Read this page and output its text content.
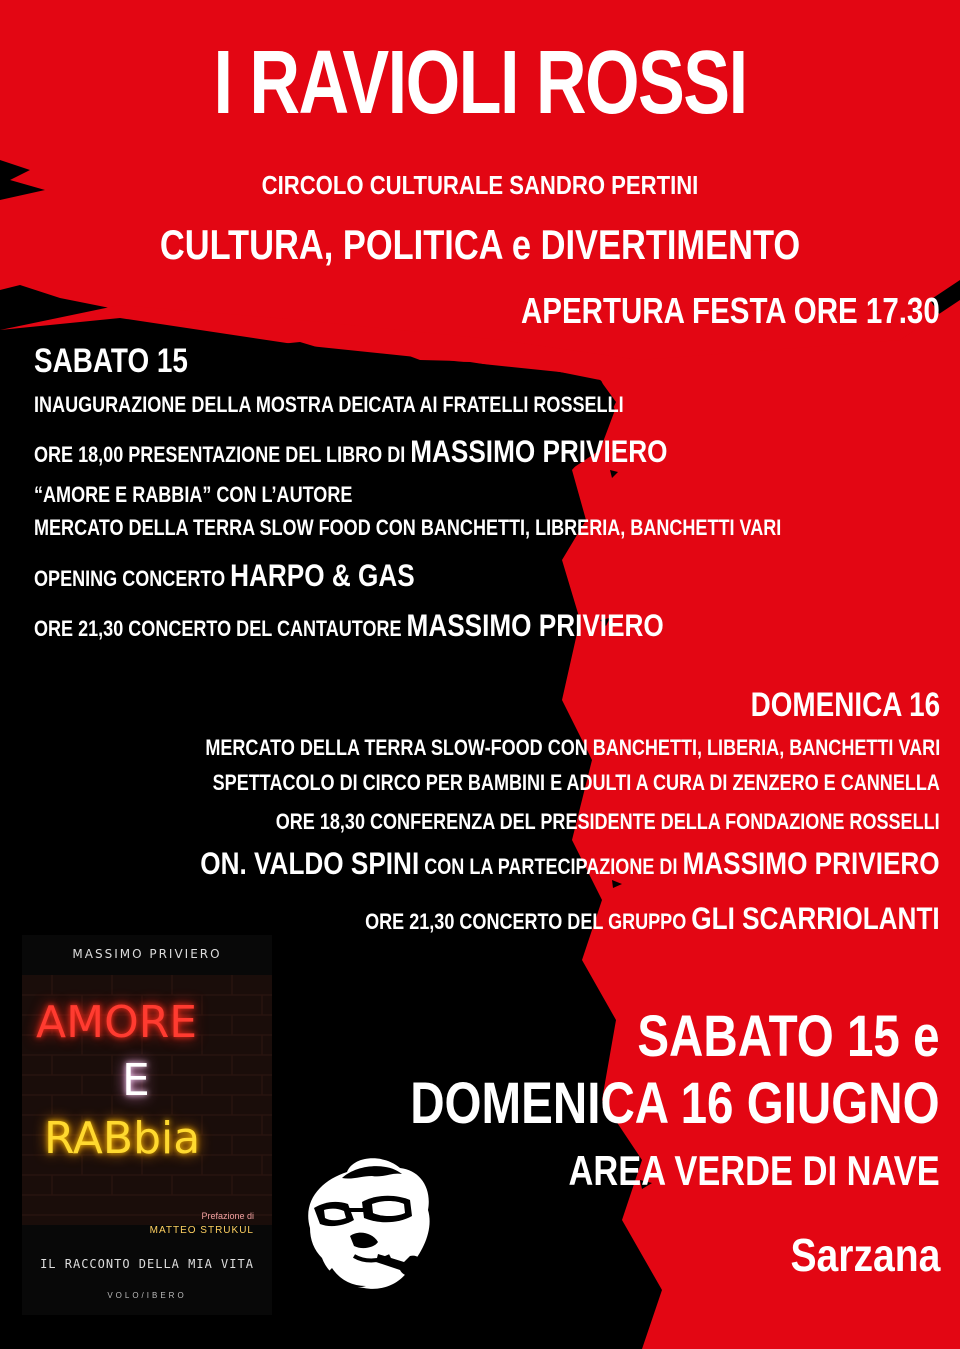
I RAVIOLI ROSSI
CIRCOLO CULTURALE SANDRO PERTINI
CULTURA, POLITICA e DIVERTIMENTO
APERTURA FESTA ORE 17.30
SABATO 15
INAUGURAZIONE DELLA MOSTRA DEICATA AI FRATELLI ROSSELLI
ORE 18,00 PRESENTAZIONE DEL LIBRO DI MASSIMO PRIVIERO
“AMORE E RABBIA” CON L’AUTORE
MERCATO DELLA TERRA SLOW FOOD CON BANCHETTI, LIBRERIA, BANCHETTI VARI
OPENING CONCERTO HARPO & GAS
ORE 21,30 CONCERTO DEL CANTAUTORE MASSIMO PRIVIERO
DOMENICA 16
MERCATO DELLA TERRA SLOW-FOOD CON BANCHETTI, LIBERIA, BANCHETTI VARI
SPETTACOLO DI CIRCO PER BAMBINI E ADULTI A CURA DI ZENZERO E CANNELLA
ORE 18,30 CONFERENZA DEL PRESIDENTE DELLA FONDAZIONE ROSSELLI
ON. VALDO SPINI CON LA PARTECIPAZIONE DI MASSIMO PRIVIERO
ORE 21,30 CONCERTO DEL GRUPPO GLI SCARRIOLANTI
SABATO 15 e
DOMENICA 16 GIUGNO
AREA VERDE DI NAVE
Sarzana
MASSIMO PRIVIERO
AMORE
E
RABbia
Prefazione di
MATTEO STRUKUL
IL RACCONTO DELLA MIA VITA
VOLO/IBERO
